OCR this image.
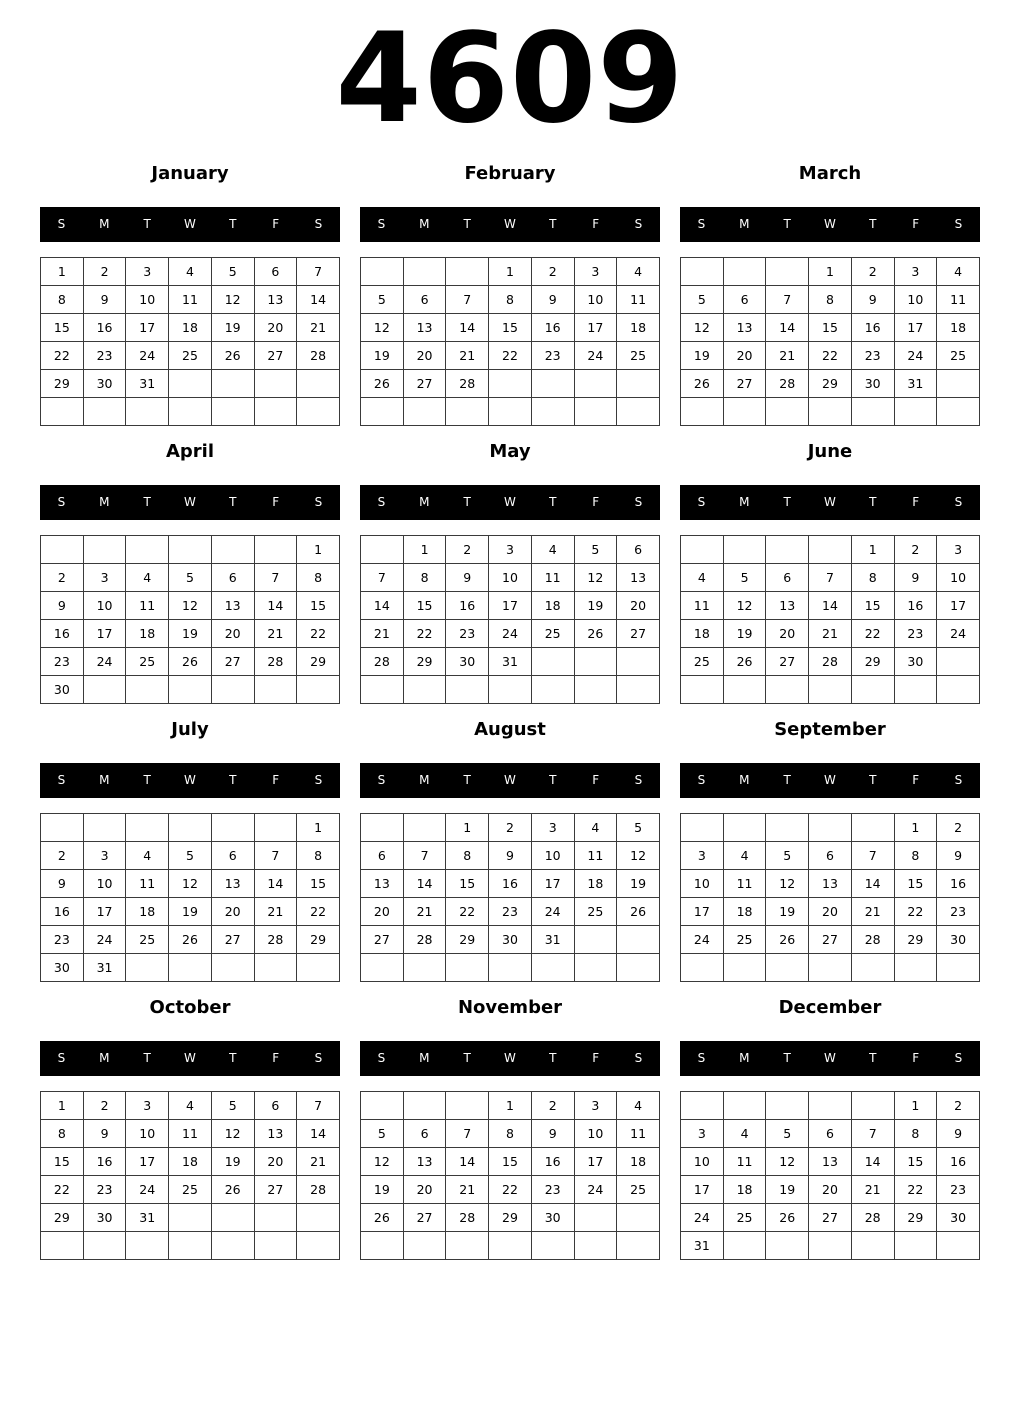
4609
January
S	M	T	W	T	F	S
1	2	3	4	5	6	7
8	9	10	11	12	13	14
15	16	17	18	19	20	21
22	23	24	25	26	27	28
29	30	31				

February
S	M	T	W	T	F	S
			1	2	3	4
5	6	7	8	9	10	11
12	13	14	15	16	17	18
19	20	21	22	23	24	25
26	27	28				

March
S	M	T	W	T	F	S
			1	2	3	4
5	6	7	8	9	10	11
12	13	14	15	16	17	18
19	20	21	22	23	24	25
26	27	28	29	30	31	

April
S	M	T	W	T	F	S
						1
2	3	4	5	6	7	8
9	10	11	12	13	14	15
16	17	18	19	20	21	22
23	24	25	26	27	28	29
30						
May
S	M	T	W	T	F	S
	1	2	3	4	5	6
7	8	9	10	11	12	13
14	15	16	17	18	19	20
21	22	23	24	25	26	27
28	29	30	31			

June
S	M	T	W	T	F	S
				1	2	3
4	5	6	7	8	9	10
11	12	13	14	15	16	17
18	19	20	21	22	23	24
25	26	27	28	29	30	

July
S	M	T	W	T	F	S
						1
2	3	4	5	6	7	8
9	10	11	12	13	14	15
16	17	18	19	20	21	22
23	24	25	26	27	28	29
30	31					
August
S	M	T	W	T	F	S
		1	2	3	4	5
6	7	8	9	10	11	12
13	14	15	16	17	18	19
20	21	22	23	24	25	26
27	28	29	30	31		

September
S	M	T	W	T	F	S
					1	2
3	4	5	6	7	8	9
10	11	12	13	14	15	16
17	18	19	20	21	22	23
24	25	26	27	28	29	30

October
S	M	T	W	T	F	S
1	2	3	4	5	6	7
8	9	10	11	12	13	14
15	16	17	18	19	20	21
22	23	24	25	26	27	28
29	30	31				

November
S	M	T	W	T	F	S
			1	2	3	4
5	6	7	8	9	10	11
12	13	14	15	16	17	18
19	20	21	22	23	24	25
26	27	28	29	30		

December
S	M	T	W	T	F	S
					1	2
3	4	5	6	7	8	9
10	11	12	13	14	15	16
17	18	19	20	21	22	23
24	25	26	27	28	29	30
31						
